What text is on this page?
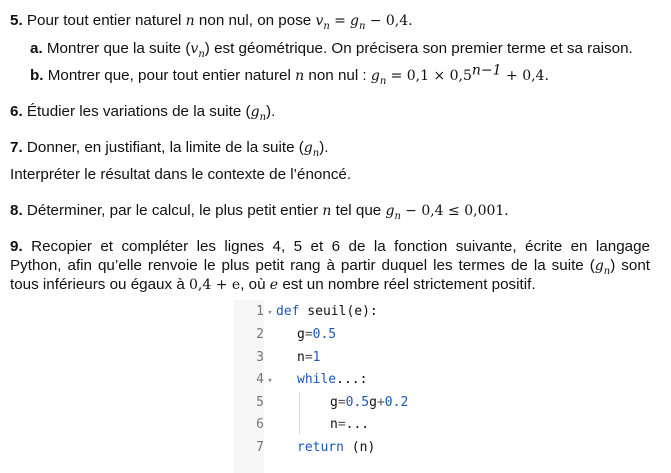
5. Pour tout entier naturel n non nul, on pose $v_n = g_n - 0,4$.
a. Montrer que la suite $(v_n)$ est géométrique. On précisera son premier terme et sa raison.
b. Montrer que, pour tout entier naturel n non nul : $g_n = 0,1 \times 0,5^{n-1} + 0,4$.
6. Étudier les variations de la suite $(g_n)$.
7. Donner, en justifiant, la limite de la suite $(g_n)$.
Interpréter le résultat dans le contexte de l’énoncé.
8. Déterminer, par le calcul, le plus petit entier n tel que $g_n - 0,4 \le 0,001$.
9. Recopier et compléter les lignes 4, 5 et 6 de la fonction suivante, écrite en langage
Python, afin qu’elle renvoie le plus petit rang à partir duquel les termes de la suite $(g_n)$ sont
tous inférieurs ou égaux à 0,4 + e, où e est un nombre réel strictement positif.
1 ▾ def seuil(e):
2	g=0.5
3	n=1
4 ▾ while...:
5	g=0.5g+0.2
6	n=...
7	return (n)
